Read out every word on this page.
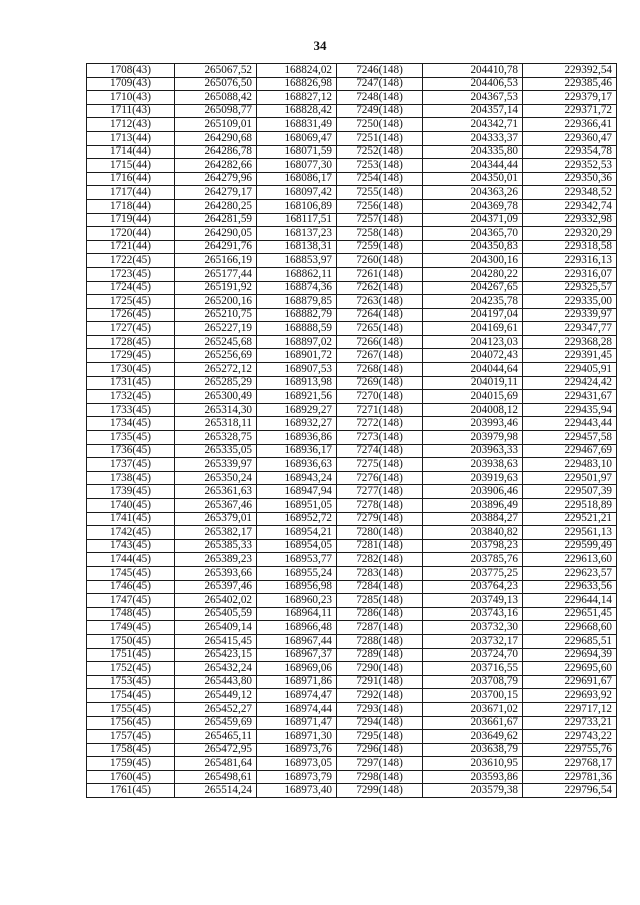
34
1708(43)	265067,52	168824,02	7246(148)	204410,78	229392,54
1709(43)	265076,50	168826,98	7247(148)	204406,53	229385,46
1710(43)	265088,42	168827,12	7248(148)	204367,53	229379,17
1711(43)	265098,77	168828,42	7249(148)	204357,14	229371,72
1712(43)	265109,01	168831,49	7250(148)	204342,71	229366,41
1713(44)	264290,68	168069,47	7251(148)	204333,37	229360,47
1714(44)	264286,78	168071,59	7252(148)	204335,80	229354,78
1715(44)	264282,66	168077,30	7253(148)	204344,44	229352,53
1716(44)	264279,96	168086,17	7254(148)	204350,01	229350,36
1717(44)	264279,17	168097,42	7255(148)	204363,26	229348,52
1718(44)	264280,25	168106,89	7256(148)	204369,78	229342,74
1719(44)	264281,59	168117,51	7257(148)	204371,09	229332,98
1720(44)	264290,05	168137,23	7258(148)	204365,70	229320,29
1721(44)	264291,76	168138,31	7259(148)	204350,83	229318,58
1722(45)	265166,19	168853,97	7260(148)	204300,16	229316,13
1723(45)	265177,44	168862,11	7261(148)	204280,22	229316,07
1724(45)	265191,92	168874,36	7262(148)	204267,65	229325,57
1725(45)	265200,16	168879,85	7263(148)	204235,78	229335,00
1726(45)	265210,75	168882,79	7264(148)	204197,04	229339,97
1727(45)	265227,19	168888,59	7265(148)	204169,61	229347,77
1728(45)	265245,68	168897,02	7266(148)	204123,03	229368,28
1729(45)	265256,69	168901,72	7267(148)	204072,43	229391,45
1730(45)	265272,12	168907,53	7268(148)	204044,64	229405,91
1731(45)	265285,29	168913,98	7269(148)	204019,11	229424,42
1732(45)	265300,49	168921,56	7270(148)	204015,69	229431,67
1733(45)	265314,30	168929,27	7271(148)	204008,12	229435,94
1734(45)	265318,11	168932,27	7272(148)	203993,46	229443,44
1735(45)	265328,75	168936,86	7273(148)	203979,98	229457,58
1736(45)	265335,05	168936,17	7274(148)	203963,33	229467,69
1737(45)	265339,97	168936,63	7275(148)	203938,63	229483,10
1738(45)	265350,24	168943,24	7276(148)	203919,63	229501,97
1739(45)	265361,63	168947,94	7277(148)	203906,46	229507,39
1740(45)	265367,46	168951,05	7278(148)	203896,49	229518,89
1741(45)	265379,01	168952,72	7279(148)	203884,27	229521,21
1742(45)	265382,17	168954,21	7280(148)	203840,82	229561,13
1743(45)	265385,33	168954,05	7281(148)	203798,23	229599,49
1744(45)	265389,23	168953,77	7282(148)	203785,76	229613,60
1745(45)	265393,66	168955,24	7283(148)	203775,25	229623,57
1746(45)	265397,46	168956,98	7284(148)	203764,23	229633,56
1747(45)	265402,02	168960,23	7285(148)	203749,13	229644,14
1748(45)	265405,59	168964,11	7286(148)	203743,16	229651,45
1749(45)	265409,14	168966,48	7287(148)	203732,30	229668,60
1750(45)	265415,45	168967,44	7288(148)	203732,17	229685,51
1751(45)	265423,15	168967,37	7289(148)	203724,70	229694,39
1752(45)	265432,24	168969,06	7290(148)	203716,55	229695,60
1753(45)	265443,80	168971,86	7291(148)	203708,79	229691,67
1754(45)	265449,12	168974,47	7292(148)	203700,15	229693,92
1755(45)	265452,27	168974,44	7293(148)	203671,02	229717,12
1756(45)	265459,69	168971,47	7294(148)	203661,67	229733,21
1757(45)	265465,11	168971,30	7295(148)	203649,62	229743,22
1758(45)	265472,95	168973,76	7296(148)	203638,79	229755,76
1759(45)	265481,64	168973,05	7297(148)	203610,95	229768,17
1760(45)	265498,61	168973,79	7298(148)	203593,86	229781,36
1761(45)	265514,24	168973,40	7299(148)	203579,38	229796,54
